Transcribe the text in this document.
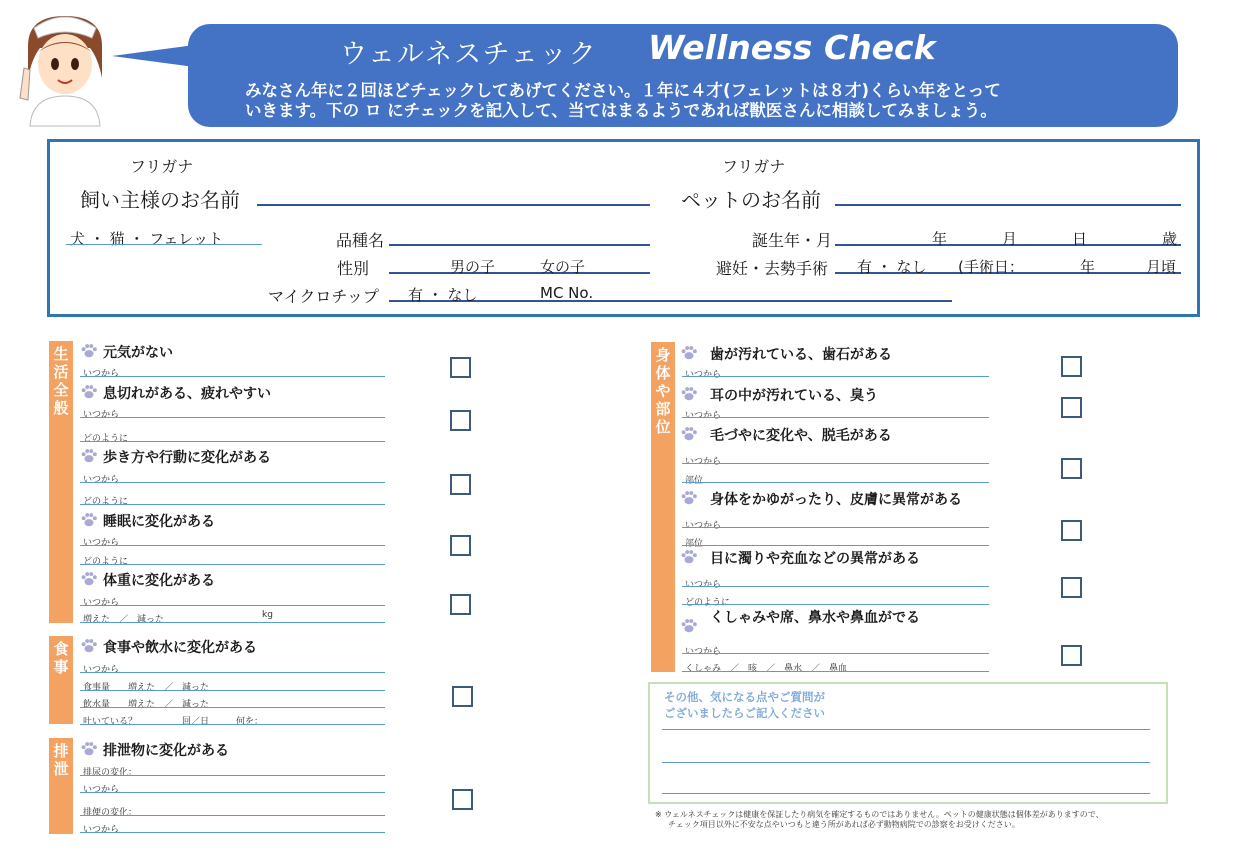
ウェルネスチェック Wellness Check
みなさん年に２回ほどチェックしてあげてください。１年に４才(フェレットは８才)くらい年をとって
いきます。下の ロ にチェックを記入して、当てはまるようであれば獣医さんに相談してみましょう。
フリガナ
飼い主様のお名前
フリガナ
ペットのお名前
犬 ・ 猫 ・ フェレット	品種名
性別	男の子	女の子
マイクロチップ 有 ・ なし	MC No.
誕生年・月	年	月	日	歳
避妊・去勢手術 有 ・ なし (手術日：	年	月頃
生
活
全
般
食
事
排
泄
身
体
や
部
位
元気がない
いつから
息切れがある、疲れやすい
いつから
どのように
歩き方や行動に変化がある
いつから
どのように
睡眠に変化がある
いつから
どのように
体重に変化がある
いつから
増えた　／　減った	kg
食事や飲水に変化がある
いつから
食事量　　増えた　／　減った
飲水量　　増えた　／　減った
吐いている？　　　　　回／日　　　何を：
排泄物に変化がある
排尿の変化：
いつから
排便の変化：
いつから
歯が汚れている、歯石がある
いつから
耳の中が汚れている、臭う
いつから
毛づやに変化や、脱毛がある
いつから
部位
身体をかゆがったり、皮膚に異常がある
いつから
部位
目に濁りや充血などの異常がある
いつから
どのように
くしゃみや席、鼻水や鼻血がでる
いつから
くしゃみ　／　咳　／　鼻水　／　鼻血
その他、気になる点やご質問が
ございましたらご記入ください
※ ウェルネスチェックは健康を保証したり病気を確定するものではありません。ペットの健康状態は個体差がありますので、
チェック項目以外に不安な点やいつもと違う所があれば必ず動物病院での診察をお受けください。
